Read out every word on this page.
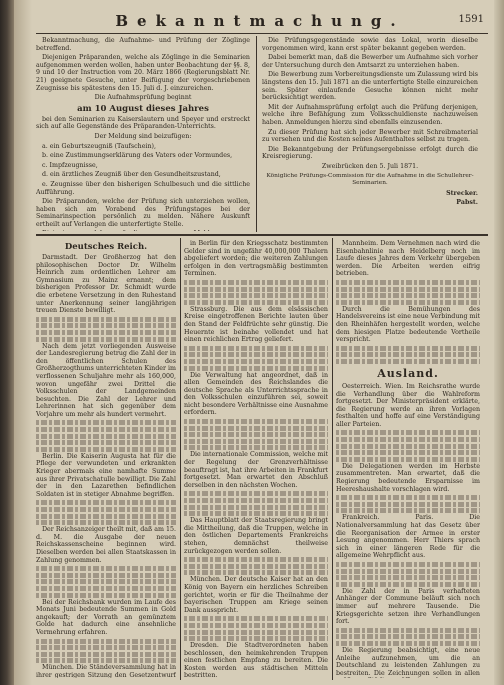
Bekanntmachung.	1591

Bekanntmachung, die Aufnahme- und Prüfung der Zöglinge betreffend.

Diejenigen Präparanden, welche als Zöglinge in die Seminarien aufgenommen werden wollen, haben unter Beobachtung der §§. 8, 9 und 10 der Instruction vom 20. März 1866 (Regierungsblatt Nr. 21) geeignete Gesuche, unter Beifügung der vorgeschriebenen Zeugnisse bis spätestens den 15. Juli d. J. einzureichen.

Die Aufnahmsprüfung beginnt

am 10 August dieses Jahres

bei den Seminarien zu Kaiserslautern und Speyer und erstreckt sich auf alle Gegenstände des Präparanden-Unterrichts.

Der Meldung sind beizufügen:

a. ein Geburtszeugniß (Taufschein),

b. eine Zustimmungserklärung des Vaters oder Vormundes,

c. Impfzeugnisse,

d. ein ärztliches Zeugniß über den Gesundheitszustand,

e. Zeugnisse über den bisherigen Schulbesuch und die sittliche Aufführung.

Die Präparanden, welche der Prüfung sich unterziehen wollen, haben sich am Vorabend des Prüfungstages bei der Seminarinspection persönlich zu melden. Nähere Auskunft ertheilt auf Verlangen die unterfertigte Stelle.

Die Prüfungsgegenstände sowie das Lokal, worin dieselbe vorgenommen wird, kann erst später bekannt gegeben werden.

Dabei bemerkt man, daß die Bewerber um Aufnahme sich vorher der Untersuchung durch den Amtsarzt zu unterziehen haben.

Die Bewerbung zum Vorbereitungsdienste um Zulassung wird bis längstens den 15. Juli 1871 an die unterfertigte Stelle einzureichen sein. Später einlaufende Gesuche können nicht mehr berücksichtigt werden.

Mit der Aufnahmsprüfung erfolgt auch die Prüfung derjenigen, welche ihre Befähigung zum Volksschuldienste nachzuweisen haben. Anmeldungen hierzu sind ebenfalls einzusenden.

Zu dieser Prüfung hat sich jeder Bewerber mit Schreibmaterial zu versehen und die Kosten seines Aufenthaltes selbst zu tragen.

Die Bekanntgebung der Prüfungsergebnisse erfolgt durch die Kreisregierung.

Zweibrücken den 5. Juli 1871.

Königliche Prüfungs-Commission für die Aufnahme in die Schullehrer-Seminarien.

Strecker.

Pabst.

Deutsches Reich.

Darmstadt. Der Großherzog hat den philosophischen Doctor Dr. Wilhelm Heinrich zum ordentlichen Lehrer am Gymnasium zu Mainz ernannt; dem bisherigen Professor Dr. Schmidt wurde die erbetene Versetzung in den Ruhestand unter Anerkennung seiner langjährigen treuen Dienste bewilligt.

Nach dem jetzt vorliegenden Ausweise der Landesregierung betrug die Zahl der in den öffentlichen Schulen des Großherzogthums unterrichteten Kinder im verflossenen Schuljahre mehr als 160,000, wovon ungefähr zwei Drittel die Volksschulen der Landgemeinden besuchten. Die Zahl der Lehrer und Lehrerinnen hat sich gegenüber dem Vorjahre um mehr als hundert vermehrt.

Berlin. Die Kaiserin Augusta hat für die Pflege der verwundeten und erkrankten Krieger abermals eine namhafte Summe aus ihrer Privatschatulle bewilligt. Die Zahl der in den Lazarethen befindlichen Soldaten ist in stetiger Abnahme begriffen.

Der Reichsanzeiger theilt mit, daß am 15. d. M. die Ausgabe der neuen Reichskassenscheine beginnen wird. Dieselben werden bei allen Staatskassen in Zahlung genommen.

Bei der Reichsbank wurden im Laufe des Monats Juni bedeutende Summen in Gold angekauft; der Vorrath an gemünztem Golde hat dadurch eine ansehnliche Vermehrung erfahren.

München. Die Ständeversammlung hat in ihrer gestrigen Sitzung den Gesetzentwurf

in Berlin für den Kriegsschatz bestimmten Gelder sind in ungefähr 40,000,000 Thalern abgeliefert worden; die weiteren Zahlungen erfolgen in den vertragsmäßig bestimmten Terminen.

Strassburg. Die aus dem elsässischen Kreise eingetroffenen Berichte lauten über den Stand der Feldfrüchte sehr günstig. Die Heuernte ist beinahe vollendet und hat einen reichlichen Ertrag geliefert.

Die Verwaltung hat angeordnet, daß in allen Gemeinden des Reichslandes die deutsche Sprache als Unterrichtssprache in den Volksschulen einzuführen sei, soweit nicht besondere Verhältnisse eine Ausnahme erfordern.

Die internationale Commission, welche mit der Regelung der Grenzverhältnisse beauftragt ist, hat ihre Arbeiten in Frankfurt fortgesetzt. Man erwartet den Abschluß derselben in den nächsten Wochen.

Das Hauptblatt der Staatsregierung bringt die Mittheilung, daß die Truppen, welche in den östlichen Departements Frankreichs stehen, demnächst theilweise zurückgezogen werden sollen.

München. Der deutsche Kaiser hat an den König von Bayern ein herzliches Schreiben gerichtet, worin er für die Theilnahme der bayerischen Truppen am Kriege seinen Dank ausspricht.

Dresden. Die Stadtverordneten haben beschlossen, den heimkehrenden Truppen einen festlichen Empfang zu bereiten. Die Kosten werden aus städtischen Mitteln bestritten.

Mannheim. Dem Vernehmen nach wird die Eisenbahnlinie nach Heidelberg noch im Laufe dieses Jahres dem Verkehr übergeben werden. Die Arbeiten werden eifrig betrieben.

Durch die Bemühungen des Handelsvereins ist eine neue Verbindung mit den Rheinhäfen hergestellt worden, welche dem hiesigen Platze bedeutende Vortheile verspricht.

Ausland.

Oesterreich. Wien. Im Reichsrathe wurde die Verhandlung über die Wahlreform fortgesetzt. Der Ministerpräsident erklärte, die Regierung werde an ihren Vorlagen festhalten und hoffe auf eine Verständigung aller Parteien.

Die Delegationen werden im Herbste zusammentreten. Man erwartet, daß die Regierung bedeutende Ersparnisse im Heereshaushalte vorschlagen wird.

Frankreich. Paris. Die Nationalversammlung hat das Gesetz über die Reorganisation der Armee in erster Lesung angenommen. Herr Thiers sprach sich in einer längeren Rede für die allgemeine Wehrpflicht aus.

Die Zahl der in Paris verhafteten Anhänger der Commune beläuft sich noch immer auf mehrere Tausende. Die Kriegsgerichte setzen ihre Verhandlungen fort.

Die Regierung beabsichtigt, eine neue Anleihe aufzunehmen, um die an Deutschland zu leistenden Zahlungen zu bestreiten. Die Zeichnungen sollen in allen
